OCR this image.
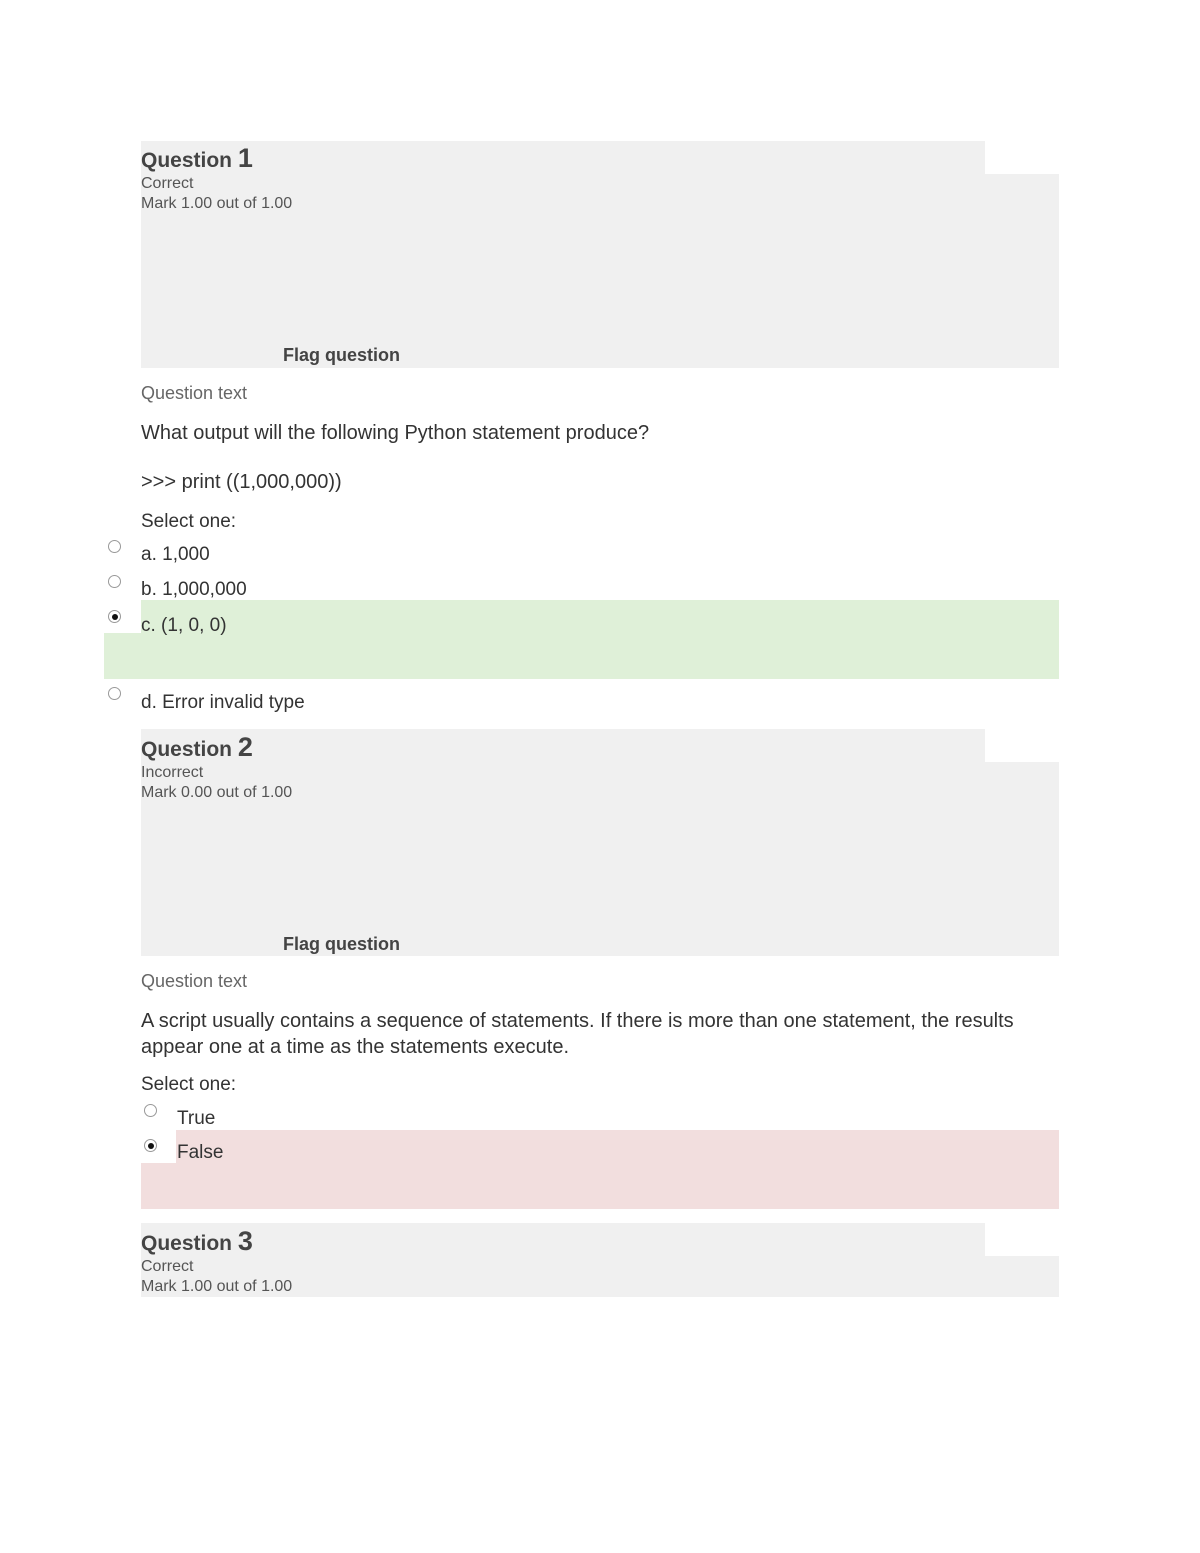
Question 1
Correct
Mark 1.00 out of 1.00
Flag question
Question text
What output will the following Python statement produce?
>>> print ((1,000,000))
Select one:
a. 1,000
b. 1,000,000
c. (1, 0, 0)
d. Error invalid type
Question 2
Incorrect
Mark 0.00 out of 1.00
Flag question
Question text
A script usually contains a sequence of statements. If there is more than one statement, the results appear one at a time as the statements execute.
Select one:
True
False
Question 3
Correct
Mark 1.00 out of 1.00
